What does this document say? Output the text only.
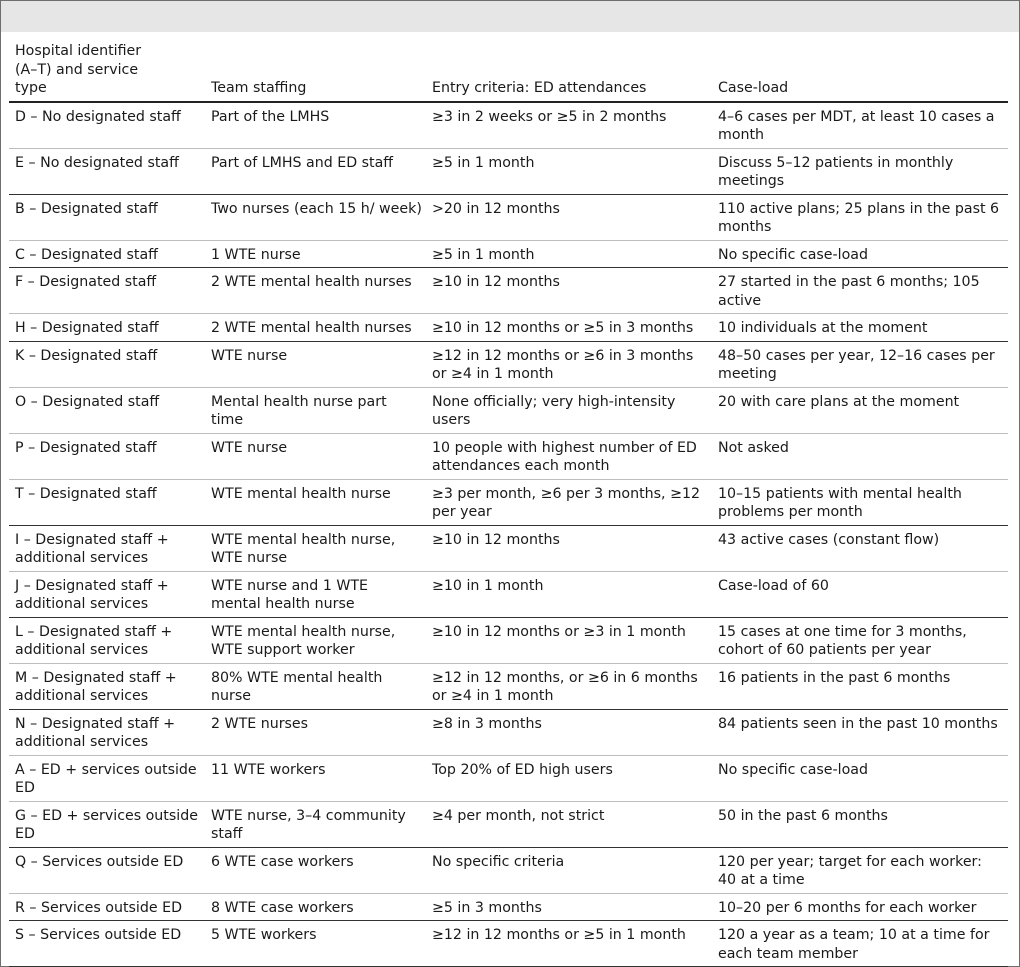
Hospital identifier (A–T) and service type	Team staffing	Entry criteria: ED attendances	Case-load
D – No designated staff	Part of the LMHS	≥3 in 2 weeks or ≥5 in 2 months	4–6 cases per MDT, at least 10 cases a month
E – No designated staff	Part of LMHS and ED staff	≥5 in 1 month	Discuss 5–12 patients in monthly meetings
B – Designated staff	Two nurses (each 15 h/ week)	>20 in 12 months	110 active plans; 25 plans in the past 6 months
C – Designated staff	1 WTE nurse	≥5 in 1 month	No specific case-load
F – Designated staff	2 WTE mental health nurses	≥10 in 12 months	27 started in the past 6 months; 105 active
H – Designated staff	2 WTE mental health nurses	≥10 in 12 months or ≥5 in 3 months	10 individuals at the moment
K – Designated staff	WTE nurse	≥12 in 12 months or ≥6 in 3 months or ≥4 in 1 month	48–50 cases per year, 12–16 cases per meeting
O – Designated staff	Mental health nurse part time	None officially; very high-intensity users	20 with care plans at the moment
P – Designated staff	WTE nurse	10 people with highest number of ED attendances each month	Not asked
T – Designated staff	WTE mental health nurse	≥3 per month, ≥6 per 3 months, ≥12 per year	10–15 patients with mental health problems per month
I – Designated staff + additional services	WTE mental health nurse, WTE nurse	≥10 in 12 months	43 active cases (constant flow)
J – Designated staff + additional services	WTE nurse and 1 WTE mental health nurse	≥10 in 1 month	Case-load of 60
L – Designated staff + additional services	WTE mental health nurse, WTE support worker	≥10 in 12 months or ≥3 in 1 month	15 cases at one time for 3 months, cohort of 60 patients per year
M – Designated staff + additional services	80% WTE mental health nurse	≥12 in 12 months, or ≥6 in 6 months or ≥4 in 1 month	16 patients in the past 6 months
N – Designated staff + additional services	2 WTE nurses	≥8 in 3 months	84 patients seen in the past 10 months
A – ED + services outside ED	11 WTE workers	Top 20% of ED high users	No specific case-load
G – ED + services outside ED	WTE nurse, 3–4 community staff	≥4 per month, not strict	50 in the past 6 months
Q – Services outside ED	6 WTE case workers	No specific criteria	120 per year; target for each worker: 40 at a time
R – Services outside ED	8 WTE case workers	≥5 in 3 months	10–20 per 6 months for each worker
S – Services outside ED	5 WTE workers	≥12 in 12 months or ≥5 in 1 month	120 a year as a team; 10 at a time for each team member
